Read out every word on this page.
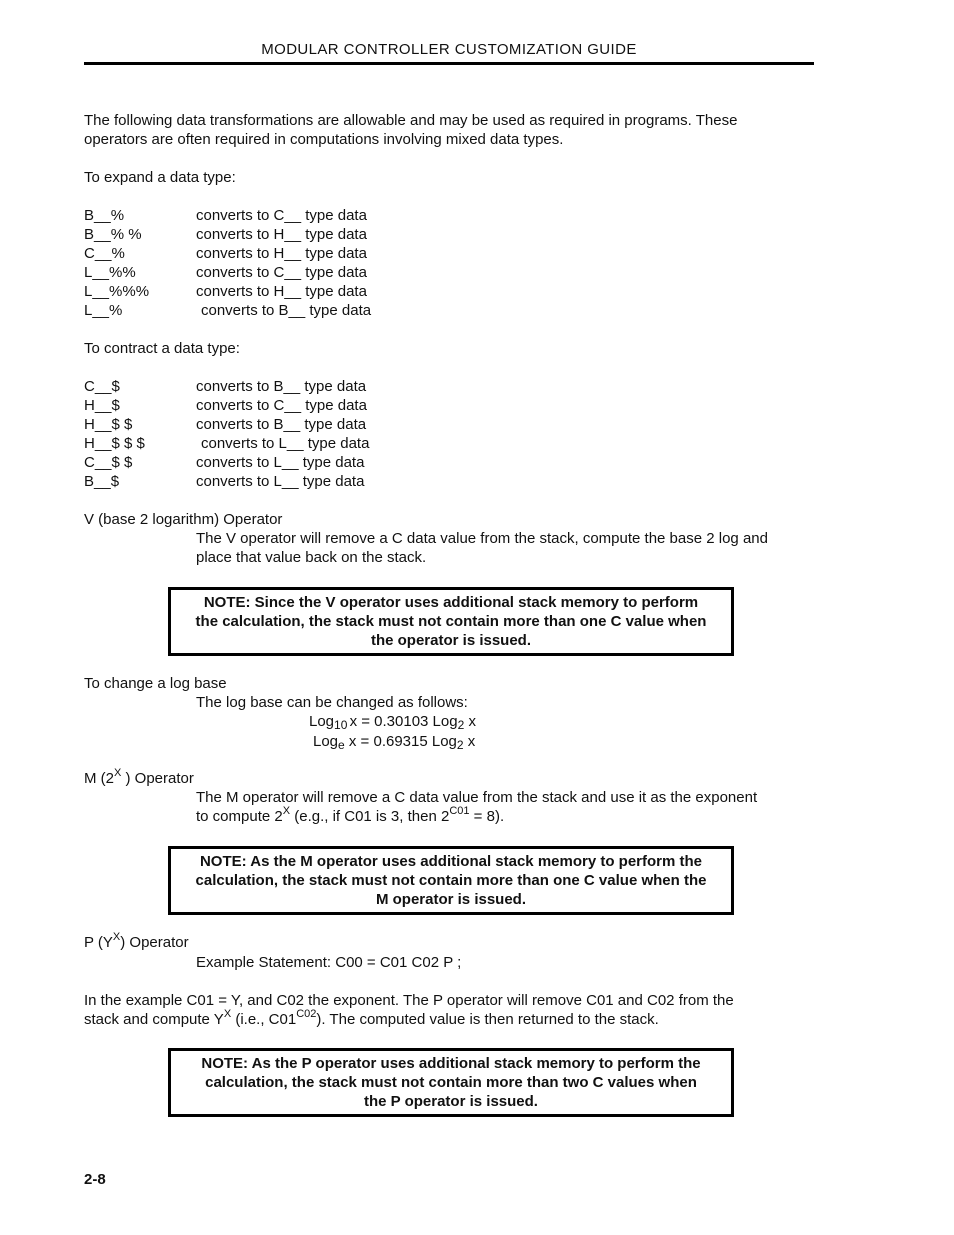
MODULAR CONTROLLER CUSTOMIZATION GUIDE
The following data transformations are allowable and may be used as required in programs. These
operators are often required in computations involving mixed data types.
To expand a data type:
B__%	converts to C__ type data
B__% %	converts to H__ type data
C__%	converts to H__ type data
L__%%	converts to C__ type data
L__%%%	converts to H__ type data
L__%	converts to B__ type data
To contract a data type:
C__$	converts to B__ type data
H__$	converts to C__ type data
H__$ $	converts to B__ type data
H__$ $ $	converts to L__ type data
C__$ $	converts to L__ type data
B__$	converts to L__ type data
V (base 2 logarithm) Operator
The V operator will remove a C data value from the stack, compute the base 2 log and
place that value back on the stack.
NOTE: Since the V operator uses additional stack memory to perform
the calculation, the stack must not contain more than one C value when
the operator is issued.
To change a log base
The log base can be changed as follows:
Log$_{10}$ x = 0.30103 Log$_2$ x
Log$_e$ x = 0.69315 Log$_2$ x
M ($2^X$ ) Operator
The M operator will remove a C data value from the stack and use it as the exponent
to compute $2^X$ (e.g., if C01 is 3, then $2^{C01} = 8$).
NOTE: As the M operator uses additional stack memory to perform the
calculation, the stack must not contain more than one C value when the
M operator is issued.
P $(Y^X)$ Operator
Example Statement: C00 = C01 C02 P ;
In the example C01 = Y, and C02 the exponent. The P operator will remove C01 and C02 from the
stack and compute $Y^X$ (i.e., $C01^{C02}$). The computed value is then returned to the stack.
NOTE: As the P operator uses additional stack memory to perform the
calculation, the stack must not contain more than two C values when
the P operator is issued.
2-8
